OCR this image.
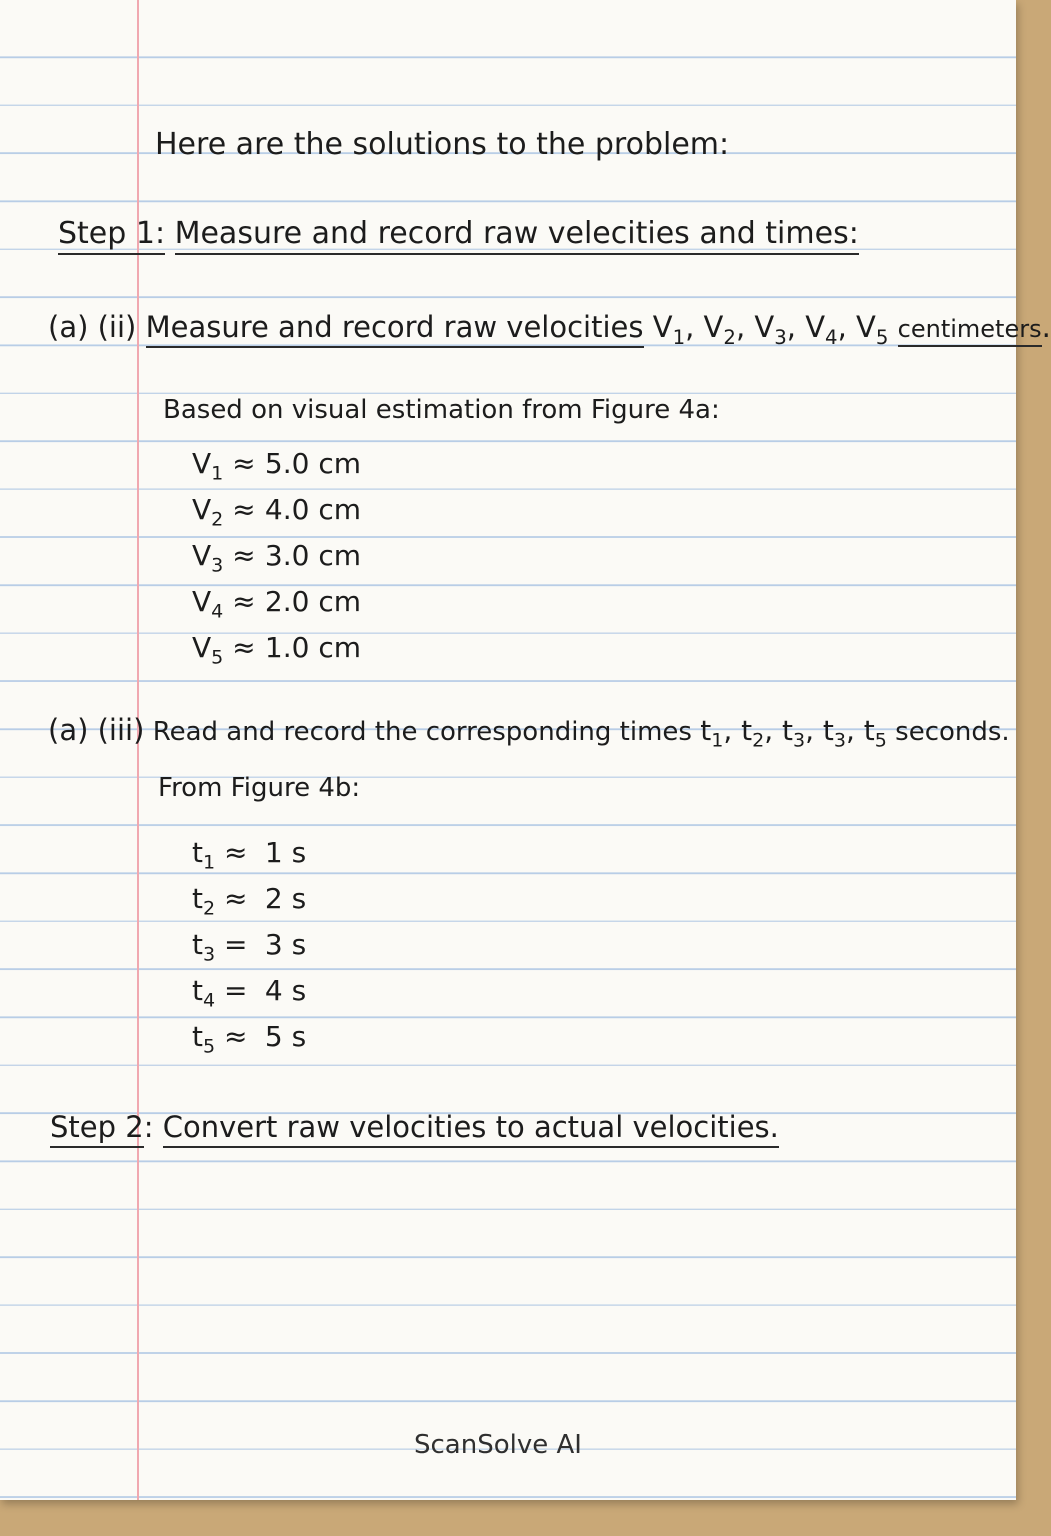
Here are the solutions to the problem:
Step 1: Measure and record raw velecities and times:
(a) (ii) Measure and record raw velocities $V_1$, $V_2$, $V_3$, $V_4$, $V_5$ centimeters.
Based on visual estimation from Figure 4a:
$V_1 \approx 5.0$ cm
$V_2 \approx 4.0$ cm
$V_3 \approx 3.0$ cm
$V_4 \approx 2.0$ cm
$V_5 \approx 1.0$ cm
(a) (iii) Read and record the corresponding times $t_1$, $t_2$, $t_3$, $t_3$, $t_5$ seconds.
From Figure 4b:
$t_1 \approx 1$ s
$t_2 \approx 2$ s
$t_3 = 3$ s
$t_4 = 4$ s
$t_5 \approx 5$ s
Step 2: Convert raw velocities to actual velocities.
ScanSolve AI
